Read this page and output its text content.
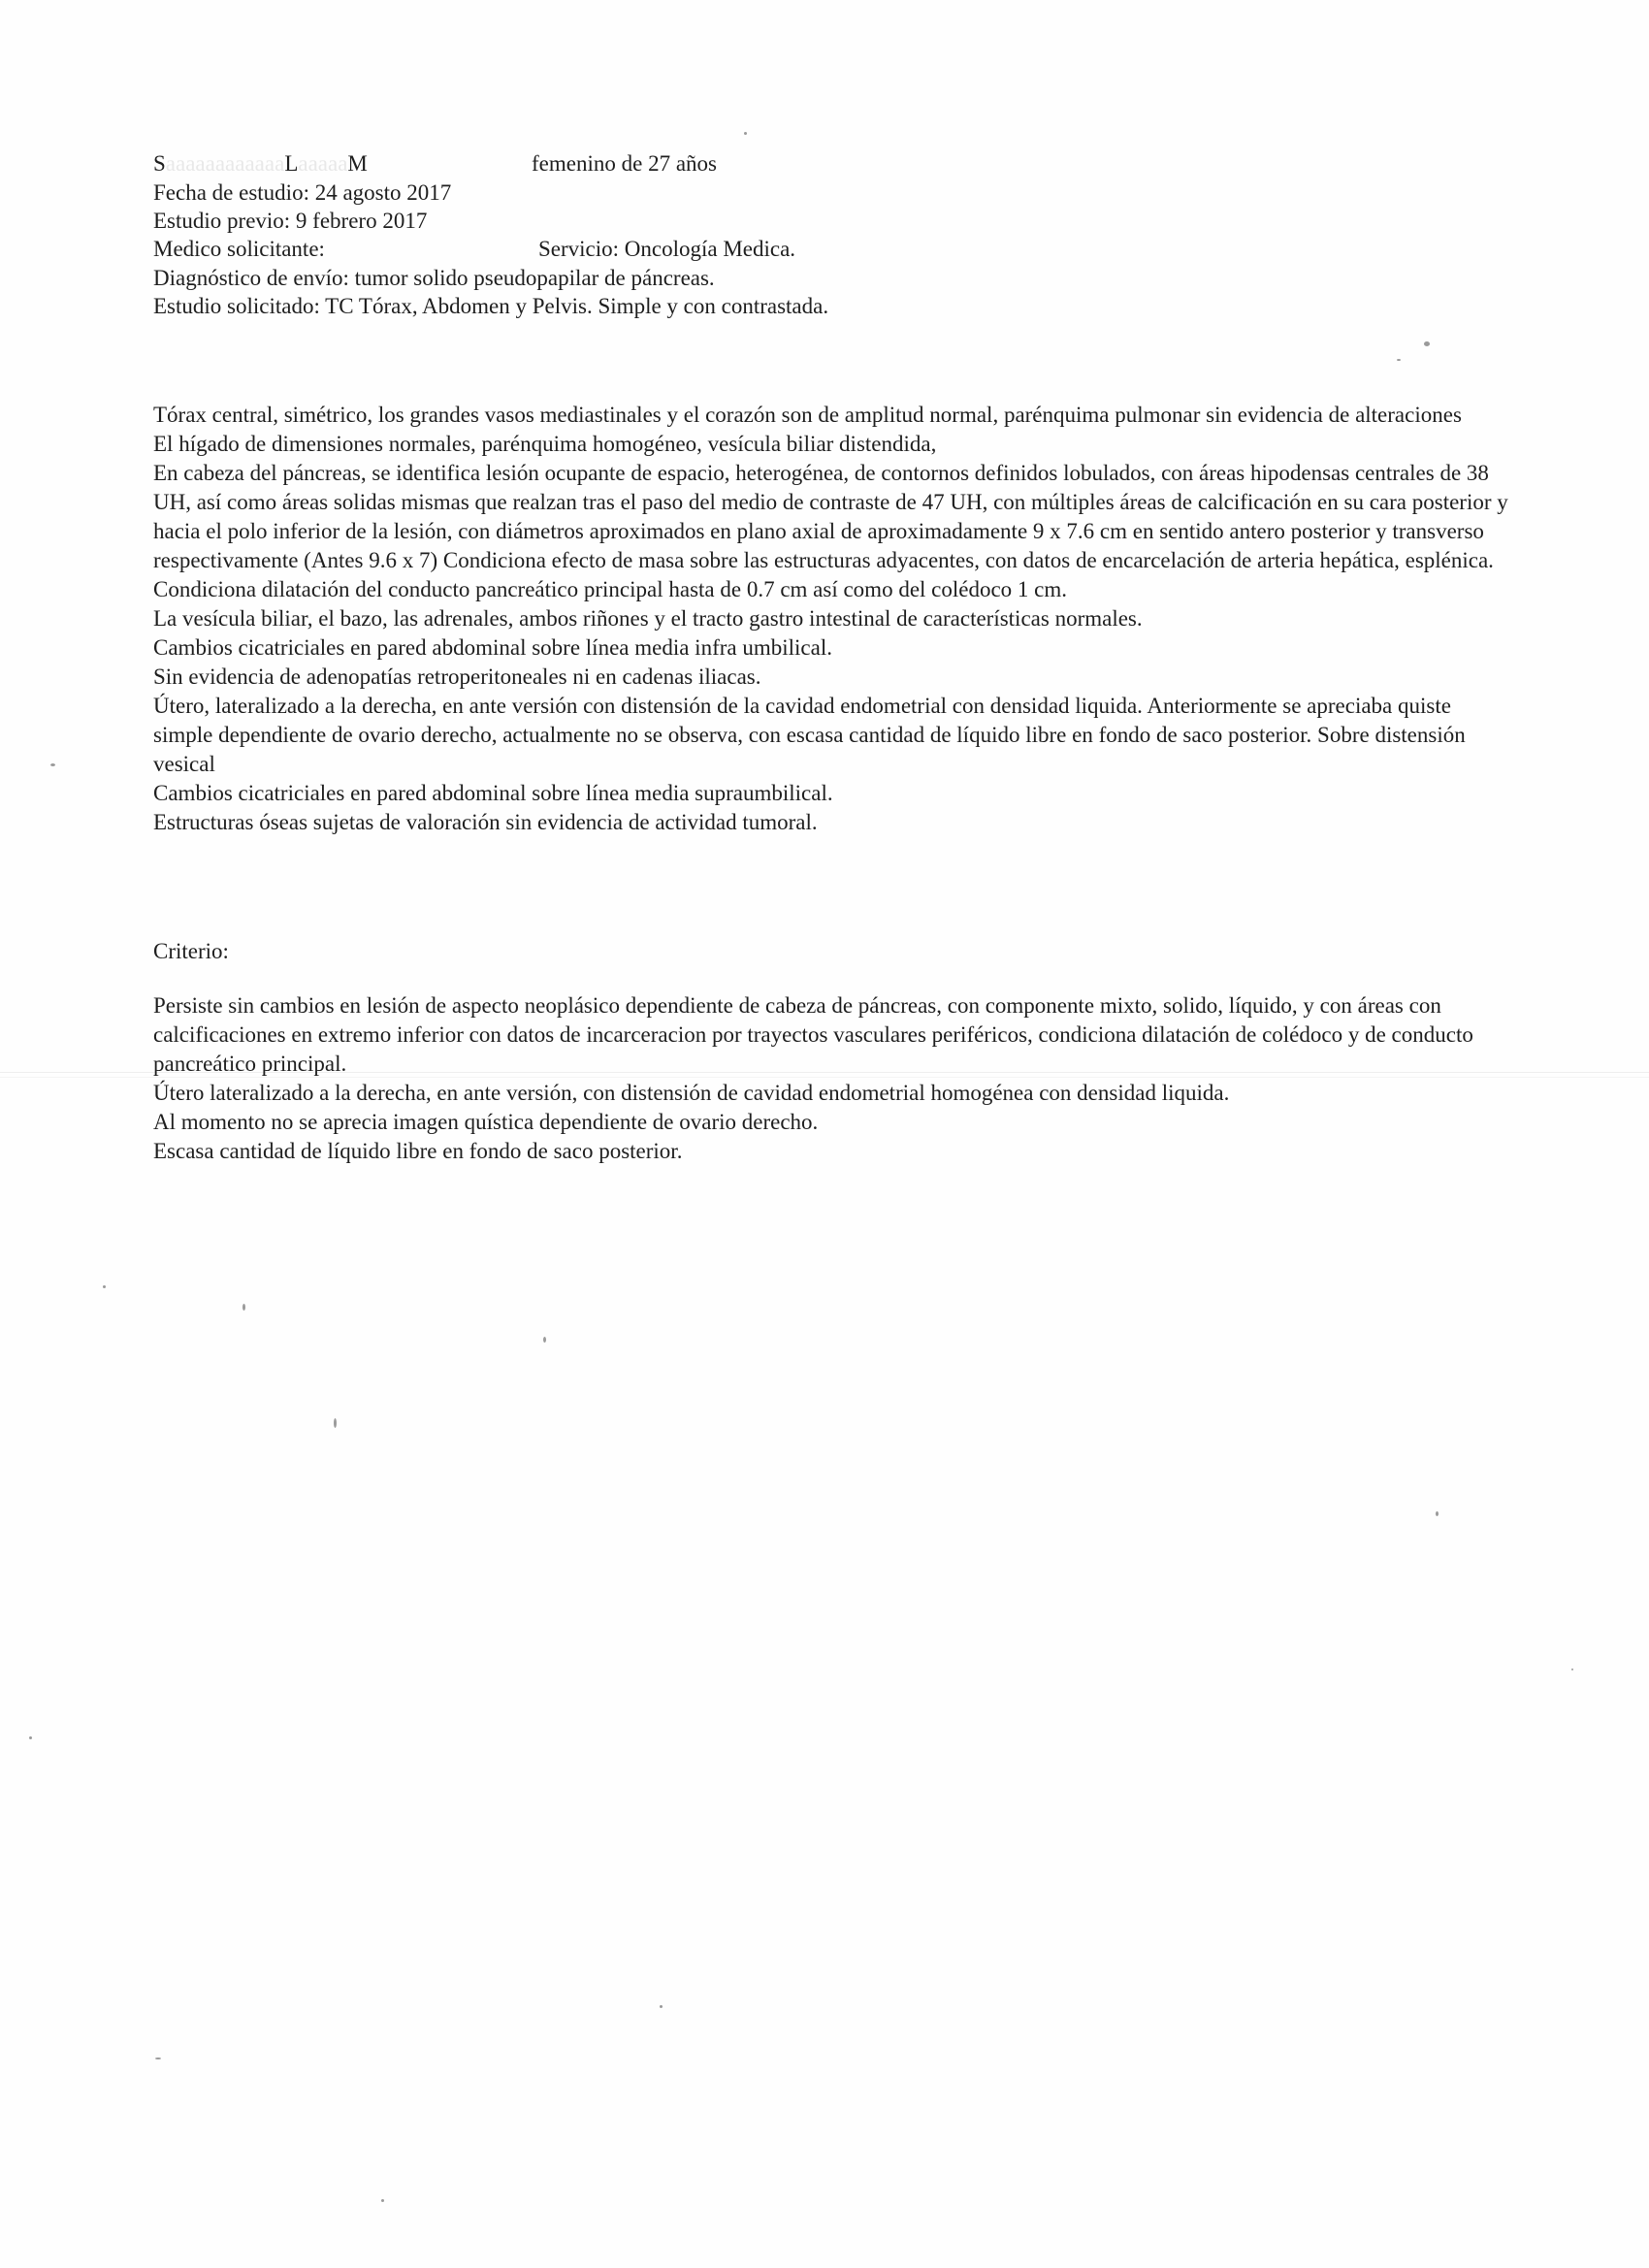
SaaaaaaaaaaaaLaaaaaM	femenino de 27 años
Fecha de estudio: 24 agosto 2017
Estudio previo: 9 febrero 2017
Medico solicitante:	Servicio: Oncología Medica.
Diagnóstico de envío: tumor solido pseudopapilar de páncreas.
Estudio solicitado: TC Tórax, Abdomen y Pelvis. Simple y con contrastada.

Tórax central, simétrico, los grandes vasos mediastinales y el corazón son de amplitud normal, parénquima pulmonar sin evidencia de alteraciones

El hígado de dimensiones normales, parénquima homogéneo, vesícula biliar distendida,

En cabeza del páncreas, se identifica lesión ocupante de espacio, heterogénea, de contornos definidos lobulados, con áreas hipodensas centrales de 38 UH, así como áreas solidas mismas que realzan tras el paso del medio de contraste de 47 UH, con múltiples áreas de calcificación en su cara posterior y hacia el polo inferior de la lesión, con diámetros aproximados en plano axial de aproximadamente 9 x 7.6 cm en sentido antero posterior y transverso respectivamente (Antes 9.6 x 7) Condiciona efecto de masa sobre las estructuras adyacentes, con datos de encarcelación de arteria hepática, esplénica. Condiciona dilatación del conducto pancreático principal hasta de 0.7 cm así como del colédoco 1 cm.

La vesícula biliar, el bazo, las adrenales, ambos riñones y el tracto gastro intestinal de características normales.

Cambios cicatriciales en pared abdominal sobre línea media infra umbilical.

Sin evidencia de adenopatías retroperitoneales ni en cadenas iliacas.

Útero, lateralizado a la derecha, en ante versión con distensión de la cavidad endometrial con densidad liquida. Anteriormente se apreciaba quiste simple dependiente de ovario derecho, actualmente no se observa, con escasa cantidad de líquido libre en fondo de saco posterior. Sobre distensión vesical

Cambios cicatriciales en pared abdominal sobre línea media supraumbilical.

Estructuras óseas sujetas de valoración sin evidencia de actividad tumoral.

Criterio:

Persiste sin cambios en lesión de aspecto neoplásico dependiente de cabeza de páncreas, con componente mixto, solido, líquido, y con áreas con calcificaciones en extremo inferior con datos de incarceracion por trayectos vasculares periféricos, condiciona dilatación de colédoco y de conducto pancreático principal.

Útero lateralizado a la derecha, en ante versión, con distensión de cavidad endometrial homogénea con densidad liquida.

Al momento no se aprecia imagen quística dependiente de ovario derecho.

Escasa cantidad de líquido libre en fondo de saco posterior.
